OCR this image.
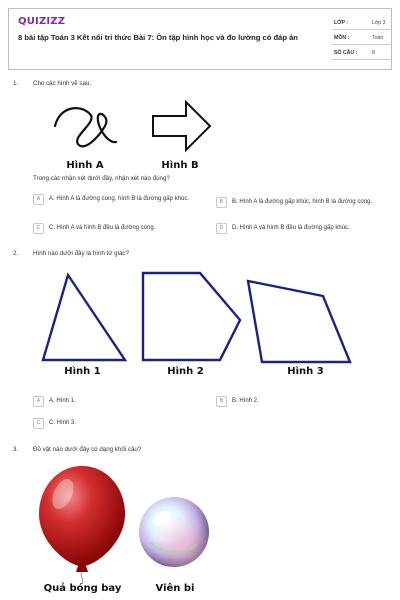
QUIZIZZ
8 bài tập Toán 3 Kết nối tri thức Bài 7: Ôn tập hình học và đo lường có đáp án
LỚP :	Lớp 3
MÔN :	Toán
SỐ CÂU :	8
1. Cho các hình vẽ sau:
Hình A	Hình B
Trong các nhận xét dưới đây, nhận xét nào đúng?
A	A. Hình A là đường cong, hình B là đường gấp khúc.	B	B. Hình A là đường gấp khúc, hình B là đường cong.
C	C. Hình A và hình B đều là đường cong.	D	D. Hình A và hình B đều là đường gấp khúc.
2. Hình nào dưới đây là hình tứ giác?
Hình 1	Hình 2	Hình 3
A	A. Hình 1.	B	B. Hình 2.
C	C. Hình 3.
3. Đồ vật nào dưới đây có dạng khối cầu?
Quả bóng bay	Viên bi
